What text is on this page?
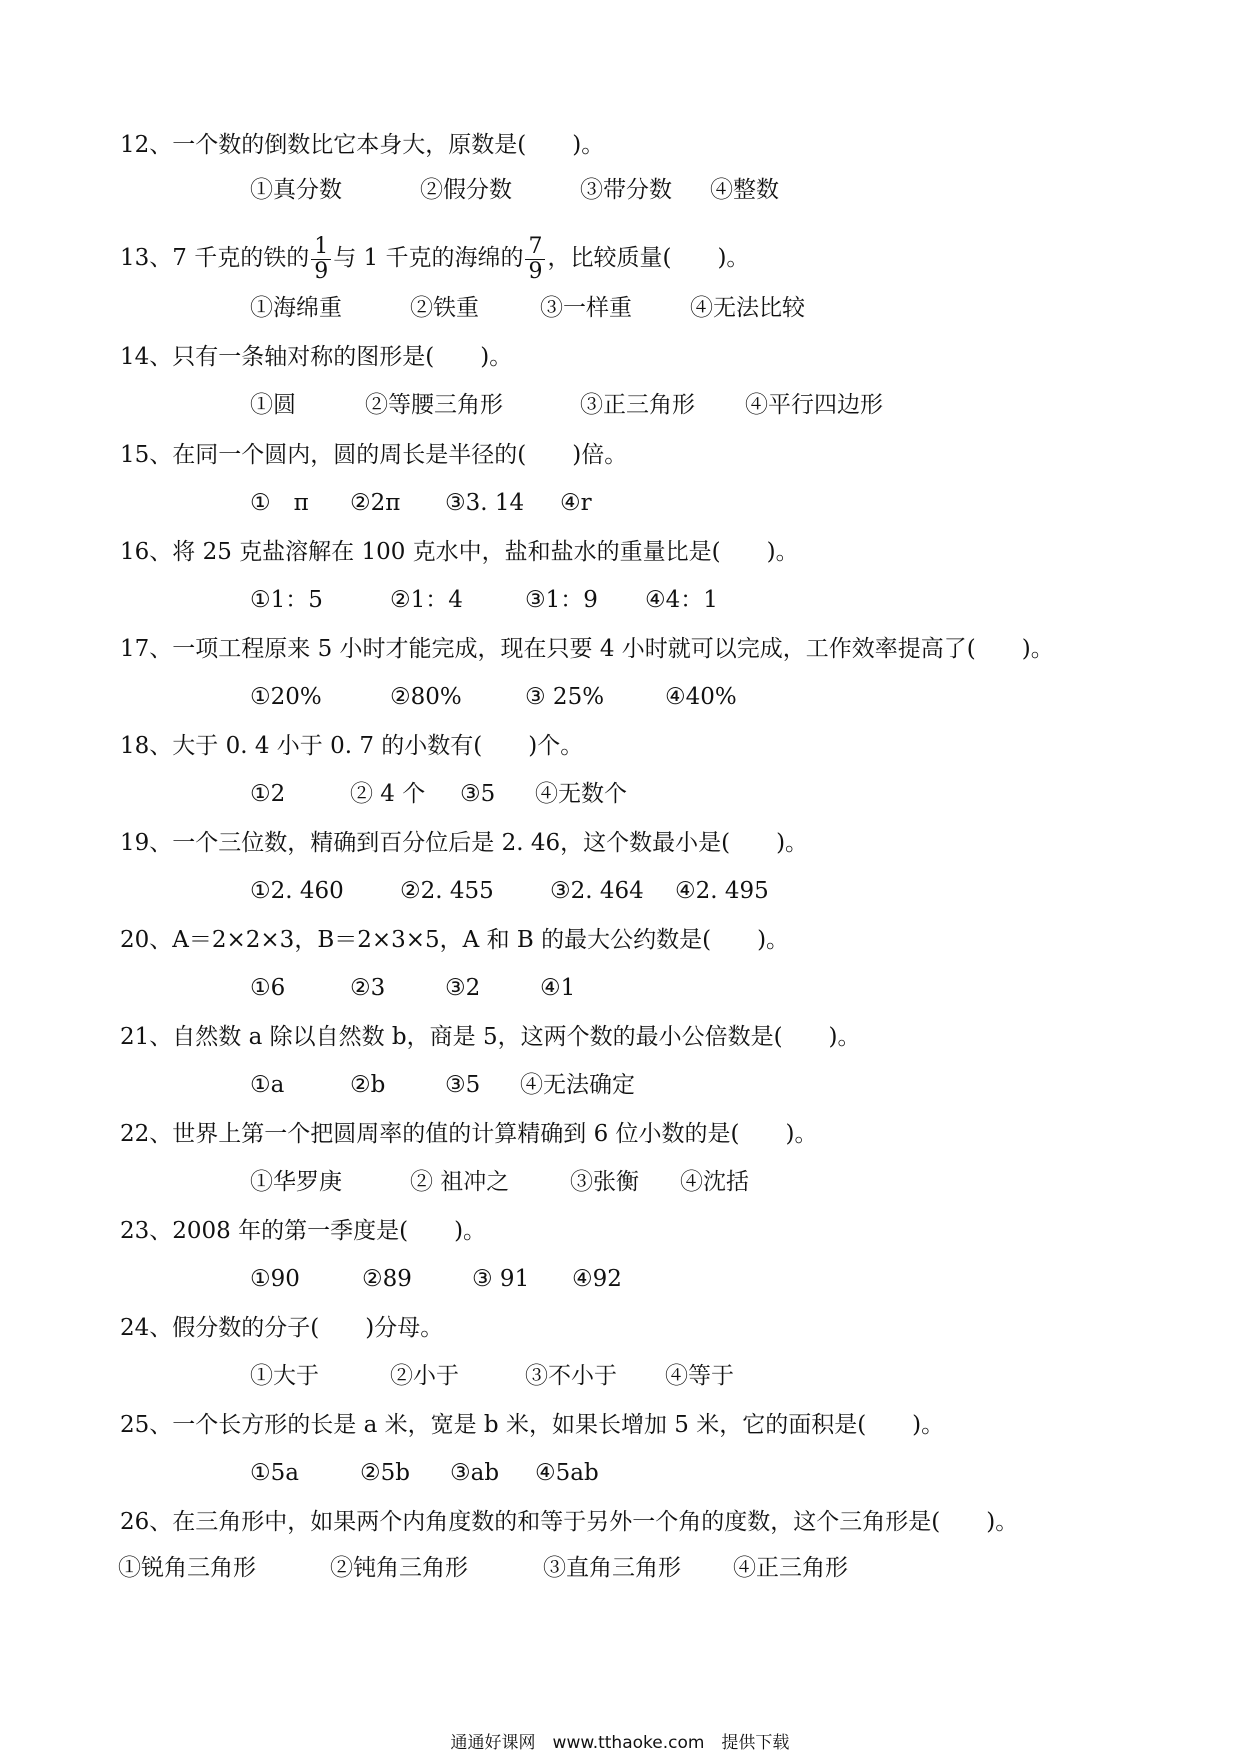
12、一个数的倒数比它本身大，原数是(　　)。
①真分数	②假分数	③带分数 ④整数
13、7 千克的铁的 $\frac{1}{9}$ 与 1 千克的海绵的 $\frac{7}{9}$ ，比较质量(　　)。
①海绵重	②铁重	③一样重	④无法比较
14、只有一条轴对称的图形是(　　)。
①圆	②等腰三角形	③正三角形 ④平行四边形
15、在同一个圆内，圆的周长是半径的(　　)倍。
①　π ②2π ③3. 14 ④r
16、将 25 克盐溶解在 100 克水中，盐和盐水的重量比是(　　)。
①1：5	②1：4	③1：9 ④4：1
17、一项工程原来 5 小时才能完成，现在只要 4 小时就可以完成，工作效率提高了(　　)。
①20%	②80%	③ 25%	④40%
18、大于 0. 4 小于 0. 7 的小数有(　　)个。
①2	② 4 个 ③5 ④无数个
19、一个三位数，精确到百分位后是 2. 46，这个数最小是(　　)。
①2. 460 ②2. 455 ③2. 464 ④2. 495
20、A＝2×2×3，B＝2×3×5，A 和 B 的最大公约数是(　　)。
①6	②3	③2	④1
21、自然数 a 除以自然数 b，商是 5，这两个数的最小公倍数是(　　)。
①a	②b	③5 ④无法确定
22、世界上第一个把圆周率的值的计算精确到 6 位小数的是(　　)。
①华罗庚	② 祖冲之	③张衡 ④沈括
23、2008 年的第一季度是(　　)。
①90	②89	③ 91 ④92
24、假分数的分子(　　)分母。
①大于	②小于	③不小于 ④等于
25、一个长方形的长是 a 米，宽是 b 米，如果长增加 5 米，它的面积是(　　)。
①5a	②5b ③ab ④5ab
26、在三角形中，如果两个内角度数的和等于另外一个角的度数，这个三角形是(　　)。
①锐角三角形	②钝角三角形	③直角三角形 ④正三角形
通通好课网　www.tthaoke.com　提供下载
